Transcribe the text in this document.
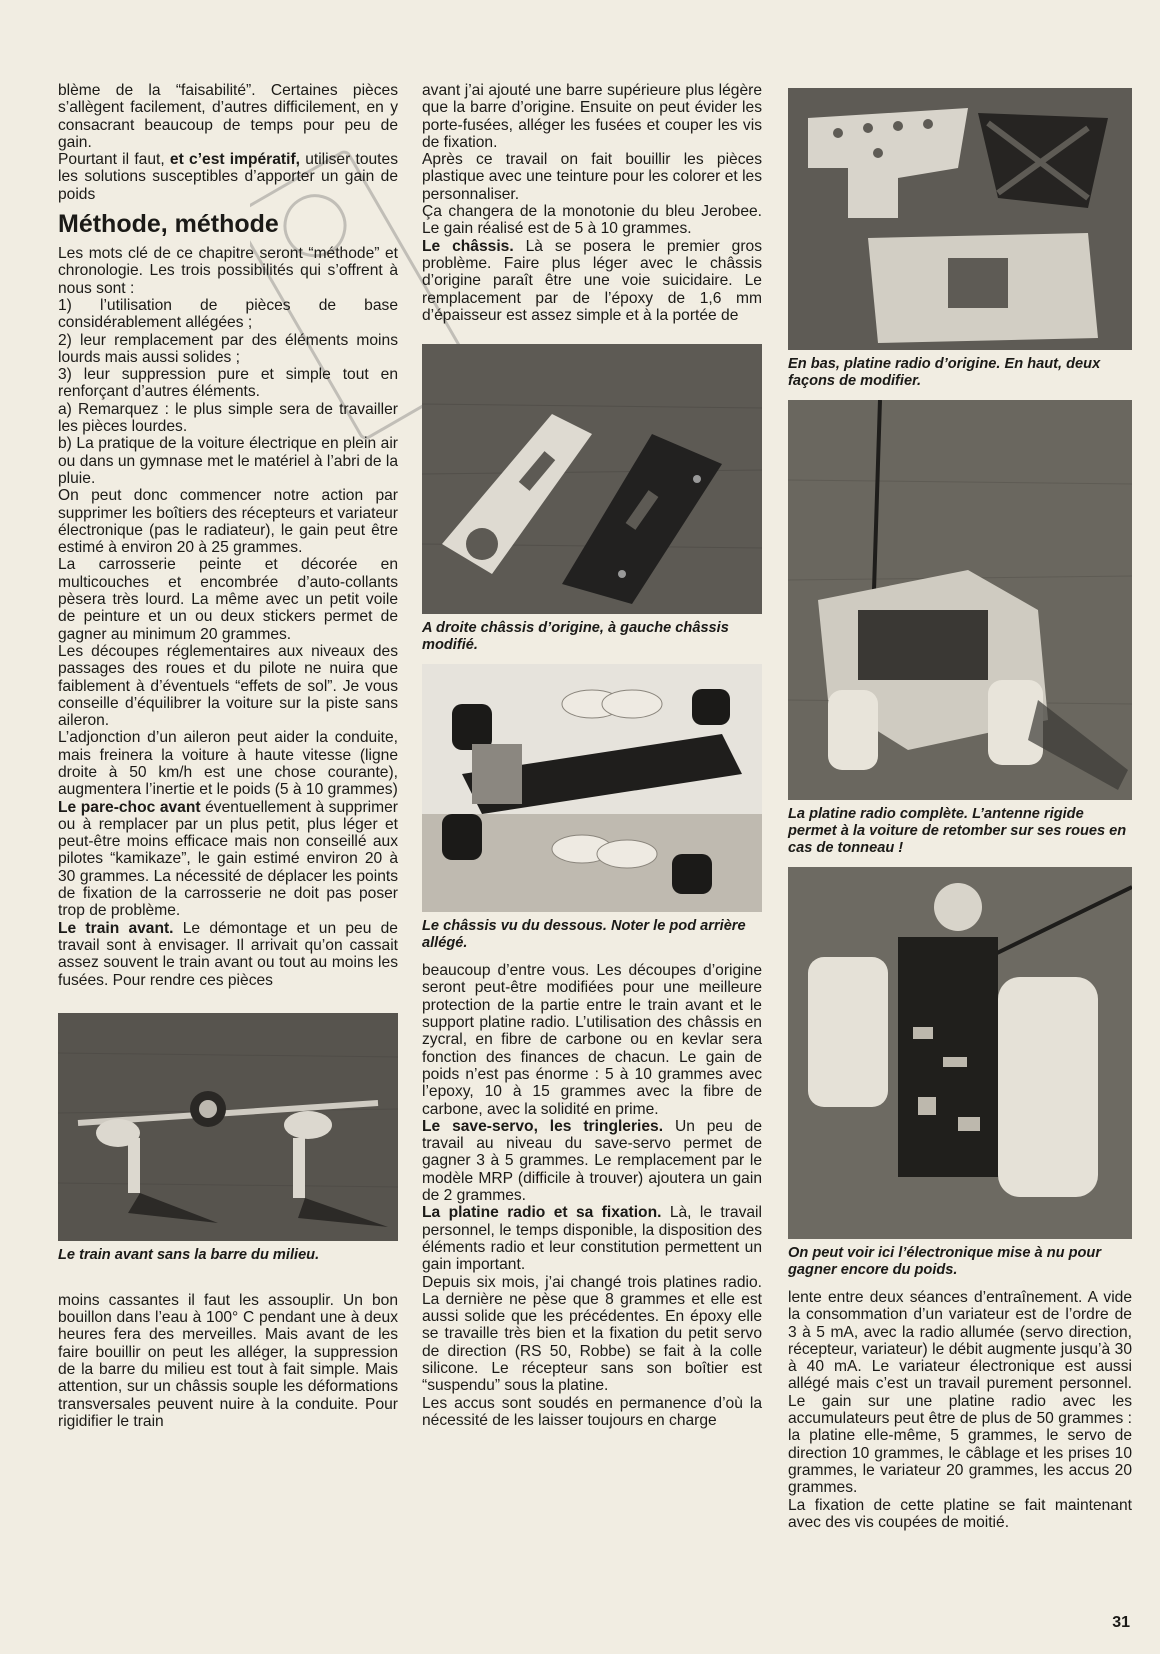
blème de la “faisabilité”. Certaines pièces s’allègent facilement, d’autres difficilement, en y consacrant beaucoup de temps pour peu de gain.

Pourtant il faut, et c’est impératif, utiliser toutes les solutions susceptibles d’apporter un gain de poids

Méthode, méthode

Les mots clé de ce chapitre seront “méthode” et chronologie. Les trois possibilités qui s’offrent à nous sont :

1) l’utilisation de pièces de base considérablement allégées ;

2) leur remplacement par des éléments moins lourds mais aussi solides ;

3) leur suppression pure et simple tout en renforçant d’autres éléments.

a) Remarquez : le plus simple sera de travailler les pièces lourdes.

b) La pratique de la voiture électrique en plein air ou dans un gymnase met le matériel à l’abri de la pluie.

On peut donc commencer notre action par supprimer les boîtiers des récepteurs et variateur électronique (pas le radiateur), le gain peut être estimé à environ 20 à 25 grammes.

La carrosserie peinte et décorée en multicouches et encombrée d’auto-collants pèsera très lourd. La même avec un petit voile de peinture et un ou deux stickers permet de gagner au minimum 20 grammes.

Les découpes réglementaires aux niveaux des passages des roues et du pilote ne nuira que faiblement à d’éventuels “effets de sol”. Je vous conseille d’équilibrer la voiture sur la piste sans aileron.

L’adjonction d’un aileron peut aider la conduite, mais freinera la voiture à haute vitesse (ligne droite à 50 km/h est une chose courante), augmentera l’inertie et le poids (5 à 10 grammes)

Le pare-choc avant éventuellement à supprimer ou à remplacer par un plus petit, plus léger et peut-être moins efficace mais non conseillé aux pilotes “kamikaze”, le gain estimé environ 20 à 30 grammes. La nécessité de déplacer les points de fixation de la carrosserie ne doit pas poser trop de problème.

Le train avant. Le démontage et un peu de travail sont à envisager. Il arrivait qu’on cassait assez souvent le train avant ou tout au moins les fusées. Pour rendre ces pièces

Le train avant sans la barre du milieu.

moins cassantes il faut les assouplir. Un bon bouillon dans l’eau à 100° C pendant une à deux heures fera des merveilles. Mais avant de les faire bouillir on peut les alléger, la suppression de la barre du milieu est tout à fait simple. Mais attention, sur un châssis souple les déformations transversales peuvent nuire à la conduite. Pour rigidifier le train

avant j’ai ajouté une barre supérieure plus légère que la barre d’origine. Ensuite on peut évider les porte-fusées, alléger les fusées et couper les vis de fixation.

Après ce travail on fait bouillir les pièces plastique avec une teinture pour les colorer et les personnaliser.

Ça changera de la monotonie du bleu Jerobee. Le gain réalisé est de 5 à 10 grammes.

Le châssis. Là se posera le premier gros problème. Faire plus léger avec le châssis d’origine paraît être une voie suicidaire. Le remplacement par de l’époxy de 1,6 mm d’épaisseur est assez simple et à la portée de

A droite châssis d’origine, à gauche châssis modifié.

Le châssis vu du dessous. Noter le pod arrière allégé.

beaucoup d’entre vous. Les découpes d’origine seront peut-être modifiées pour une meilleure protection de la partie entre le train avant et le support platine radio. L’utilisation des châssis en zycral, en fibre de carbone ou en kevlar sera fonction des finances de chacun. Le gain de poids n’est pas énorme : 5 à 10 grammes avec l’epoxy, 10 à 15 grammes avec la fibre de carbone, avec la solidité en prime.

Le save-servo, les tringleries. Un peu de travail au niveau du save-servo permet de gagner 3 à 5 grammes. Le remplacement par le modèle MRP (difficile à trouver) ajoutera un gain de 2 grammes.

La platine radio et sa fixation. Là, le travail personnel, le temps disponible, la disposition des éléments radio et leur constitution permettent un gain important.

Depuis six mois, j’ai changé trois platines radio. La dernière ne pèse que 8 grammes et elle est aussi solide que les précédentes. En époxy elle se travaille très bien et la fixation du petit servo de direction (RS 50, Robbe) se fait à la colle silicone. Le récepteur sans son boîtier est “suspendu” sous la platine.

Les accus sont soudés en permanence d’où la nécessité de les laisser toujours en charge

En bas, platine radio d’origine. En haut, deux façons de modifier.

La platine radio complète. L’antenne rigide permet à la voiture de retomber sur ses roues en cas de tonneau !

On peut voir ici l’électronique mise à nu pour gagner encore du poids.

lente entre deux séances d’entraînement. A vide la consommation d’un variateur est de l’ordre de 3 à 5 mA, avec la radio allumée (servo direction, récepteur, variateur) le débit augmente jusqu’à 30 à 40 mA. Le variateur électronique est aussi allégé mais c’est un travail purement personnel. Le gain sur une platine radio avec les accumulateurs peut être de plus de 50 grammes : la platine elle-même, 5 grammes, le servo de direction 10 grammes, le câblage et les prises 10 grammes, le variateur 20 grammes, les accus 20 grammes.

La fixation de cette platine se fait maintenant avec des vis coupées de moitié.

31
